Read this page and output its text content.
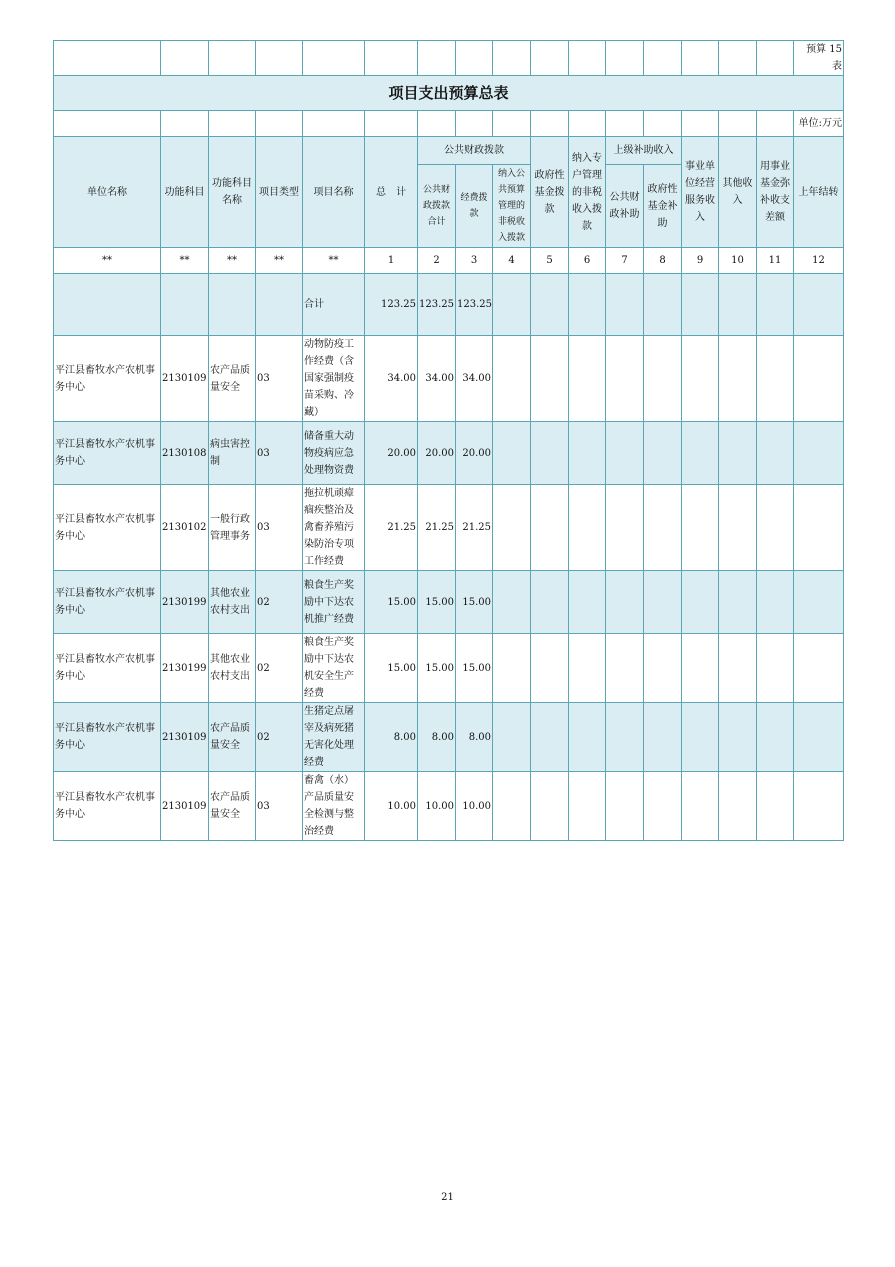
																预算 15 表
项目支出预算总表																
																单位:万元
单位名称	功能科目	功能科目名称	项目类型	项目名称	总　计	公共财政拨款			政府性基金拨款	纳入专户管理的非税收入拨款	上级补助收入		事业单位经营服务收入	其他收入	用事业基金弥补收支差额	上年结转
						公共财政拨款合计	经费拨款	纳入公共预算管理的非税收入拨款			公共财政补助	政府性基金补助				
**	**	**	**	**	1	2	3	4	5	6	7	8	9	10	11	12
				合计	123.25	123.25	123.25									
平江县畜牧水产农机事务中心	2130109	农产品质量安全	03	动物防疫工作经费（含国家强制疫苗采购、冷藏）	34.00	34.00	34.00									
平江县畜牧水产农机事务中心	2130108	病虫害控制	03	储备重大动物疫病应急处理物资费	20.00	20.00	20.00									
平江县畜牧水产农机事务中心	2130102	一般行政管理事务	03	拖拉机顽瘴痼疾整治及禽畜养殖污染防治专项工作经费	21.25	21.25	21.25									
平江县畜牧水产农机事务中心	2130199	其他农业农村支出	02	粮食生产奖励中下达农机推广经费	15.00	15.00	15.00									
平江县畜牧水产农机事务中心	2130199	其他农业农村支出	02	粮食生产奖励中下达农机安全生产经费	15.00	15.00	15.00									
平江县畜牧水产农机事务中心	2130109	农产品质量安全	02	生猪定点屠宰及病死猪无害化处理经费	8.00	8.00	8.00									
平江县畜牧水产农机事务中心	2130109	农产品质量安全	03	畜禽（水）产品质量安全检测与整治经费	10.00	10.00	10.00									
21
